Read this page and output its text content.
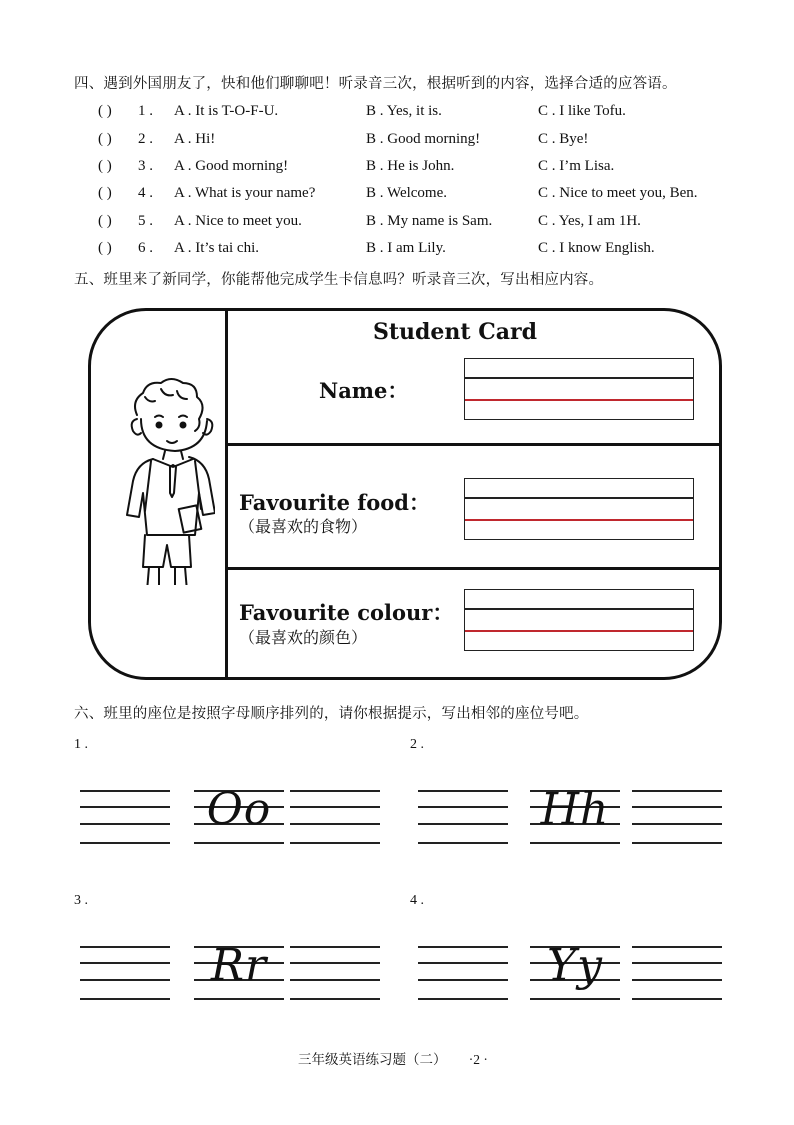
四、遇到外国朋友了，快和他们聊聊吧！听录音三次，根据听到的内容，选择合适的应答语。
( ) 1 . A . It is T-O-F-U.	B . Yes, it is.	C . I like Tofu.
( ) 2 . A . Hi!	B . Good morning!	C . Bye!
( ) 3 . A . Good morning!	B . He is John.	C . I’m Lisa.
( ) 4 . A . What is your name?	B . Welcome.	C . Nice to meet you, Ben.
( ) 5 . A . Nice to meet you.	B . My name is Sam.	C . Yes, I am 1H.
( ) 6 . A . It’s tai chi.	B . I am Lily.	C . I know English.
五、班里来了新同学，你能帮他完成学生卡信息吗？听录音三次，写出相应内容。
Student Card
Name：
Favourite food：
（最喜欢的食物）
Favourite colour：
（最喜欢的颜色）
六、班里的座位是按照字母顺序排列的，请你根据提示，写出相邻的座位号吧。
1 .	2 .
3 .	4 .
Oo	Hh
Rr	Yy
三年级英语练习题（二） ·2 ·
